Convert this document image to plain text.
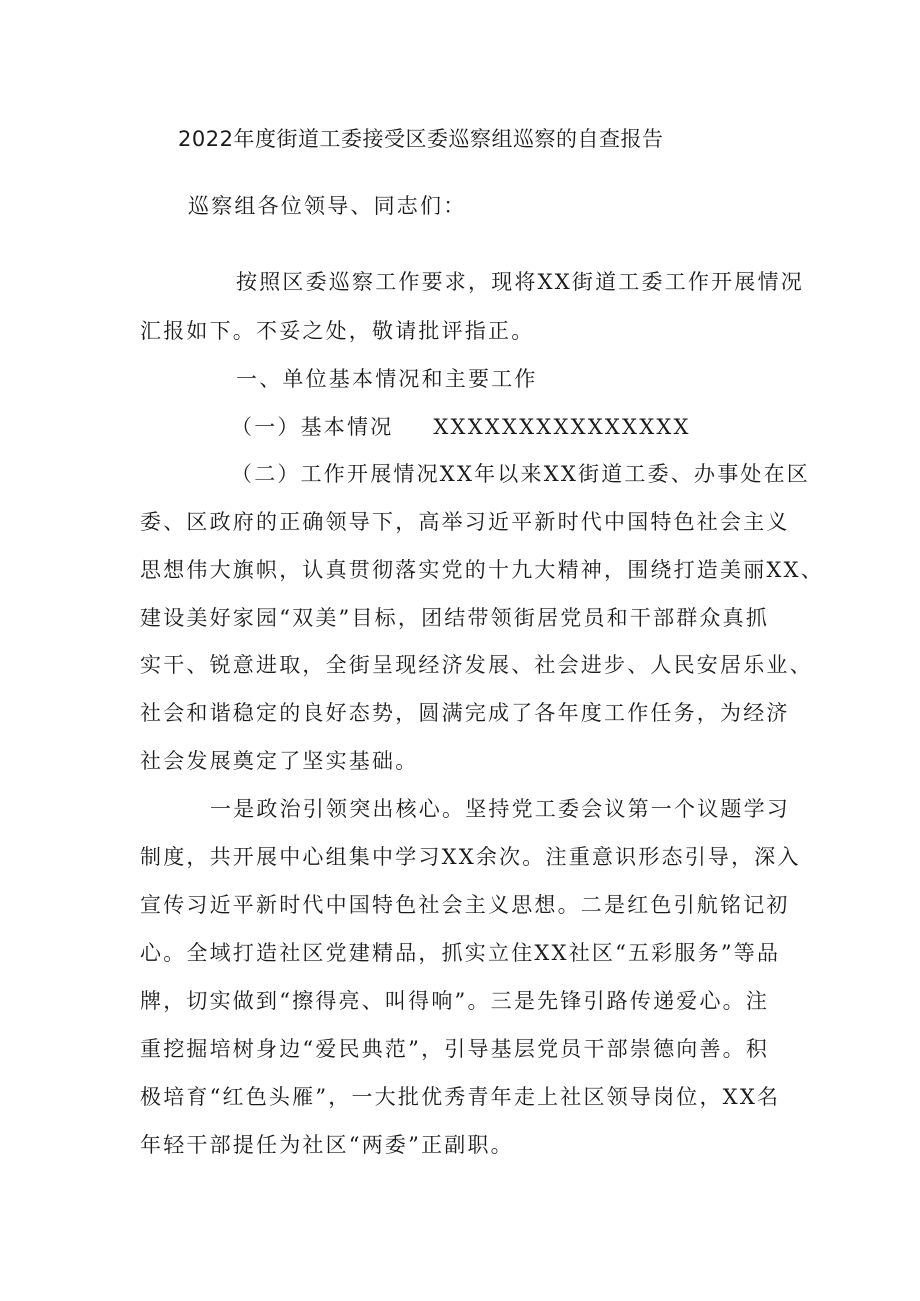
2022年度街道工委接受区委巡察组巡察的自查报告
巡察组各位领导、同志们：
按照区委巡察工作要求，现将XX街道工委工作开展情况
汇报如下。不妥之处，敬请批评指正。
一、单位基本情况和主要工作
（一）基本情况 XXXXXXXXXXXXXXX
（二）工作开展情况XX年以来XX街道工委、办事处在区
委、区政府的正确领导下，高举习近平新时代中国特色社会主义
思想伟大旗帜，认真贯彻落实党的十九大精神，围绕打造美丽XX、
建设美好家园“双美”目标，团结带领街居党员和干部群众真抓
实干、锐意进取，全街呈现经济发展、社会进步、人民安居乐业、
社会和谐稳定的良好态势，圆满完成了各年度工作任务，为经济
社会发展奠定了坚实基础。
一是政治引领突出核心。坚持党工委会议第一个议题学习
制度，共开展中心组集中学习XX余次。注重意识形态引导，深入
宣传习近平新时代中国特色社会主义思想。二是红色引航铭记初
心。全域打造社区党建精品，抓实立住XX社区“五彩服务”等品
牌，切实做到“擦得亮、叫得响”。三是先锋引路传递爱心。注
重挖掘培树身边“爱民典范”，引导基层党员干部崇德向善。积
极培育“红色头雁”，一大批优秀青年走上社区领导岗位，XX名
年轻干部提任为社区“两委”正副职。
